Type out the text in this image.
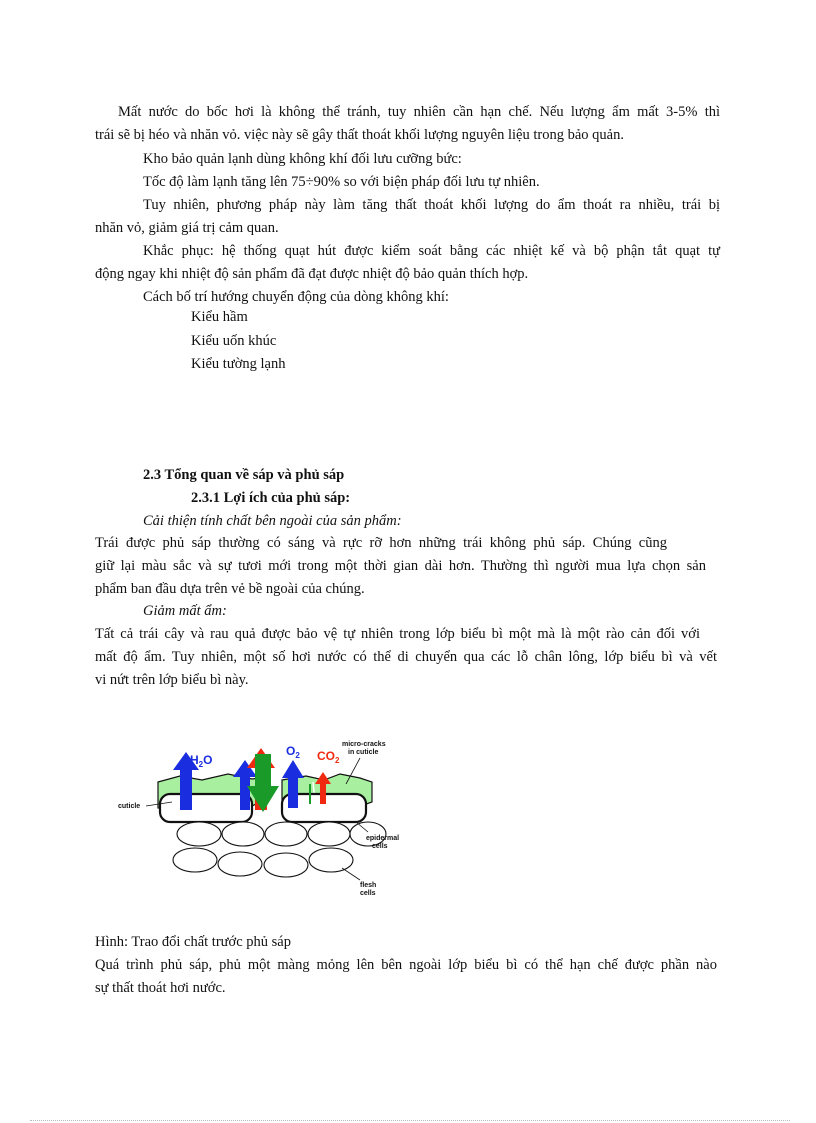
Mất nước do bốc hơi là không thể tránh, tuy nhiên cần hạn chế. Nếu lượng ẩm mất 3-5% thì
trái sẽ bị héo và nhăn vỏ. việc này sẽ gây thất thoát khối lượng nguyên liệu trong bảo quản.
Kho bảo quản lạnh dùng không khí đối lưu cưỡng bức:
Tốc độ làm lạnh tăng lên 75÷90% so với biện pháp đối lưu tự nhiên.
Tuy nhiên, phương pháp này làm tăng thất thoát khối lượng do ẩm thoát ra nhiều, trái bị
nhăn vỏ, giảm giá trị cảm quan.
Khắc phục: hệ thống quạt hút được kiểm soát bằng các nhiệt kế và bộ phận tắt quạt tự
động ngay khi nhiệt độ sản phẩm đã đạt được nhiệt độ bảo quản thích hợp.
Cách bố trí hướng chuyển động của dòng không khí:
Kiểu hầm
Kiểu uốn khúc
Kiểu tường lạnh
2.3 Tổng quan về sáp và phủ sáp
2.3.1 Lợi ích của phủ sáp:
Cải thiện tính chất bên ngoài của sản phẩm:
Trái được phủ sáp thường có sáng và rực rỡ hơn những trái không phủ sáp. Chúng cũng
giữ lại màu sắc và sự tươi mới trong một thời gian dài hơn. Thường thì người mua lựa chọn sản
phẩm ban đầu dựa trên vẻ bề ngoài của chúng.
Giảm mất ẩm:
Tất cả trái cây và rau quả được bảo vệ tự nhiên trong lớp biểu bì một mà là một rào cản đối với
mất độ ẩm. Tuy nhiên, một số hơi nước có thể di chuyển qua các lỗ chân lông, lớp biểu bì và vết
vi nứt trên lớp biểu bì này.
$H_2O$
$O_2$ $CO_2$
cuticle
micro-cracks
in cuticle
epidermal
cells
flesh
cells
Hình: Trao đổi chất trước phủ sáp
Quá trình phủ sáp, phủ một màng mỏng lên bên ngoài lớp biểu bì có thể hạn chế được phần nào
sự thất thoát hơi nước.
